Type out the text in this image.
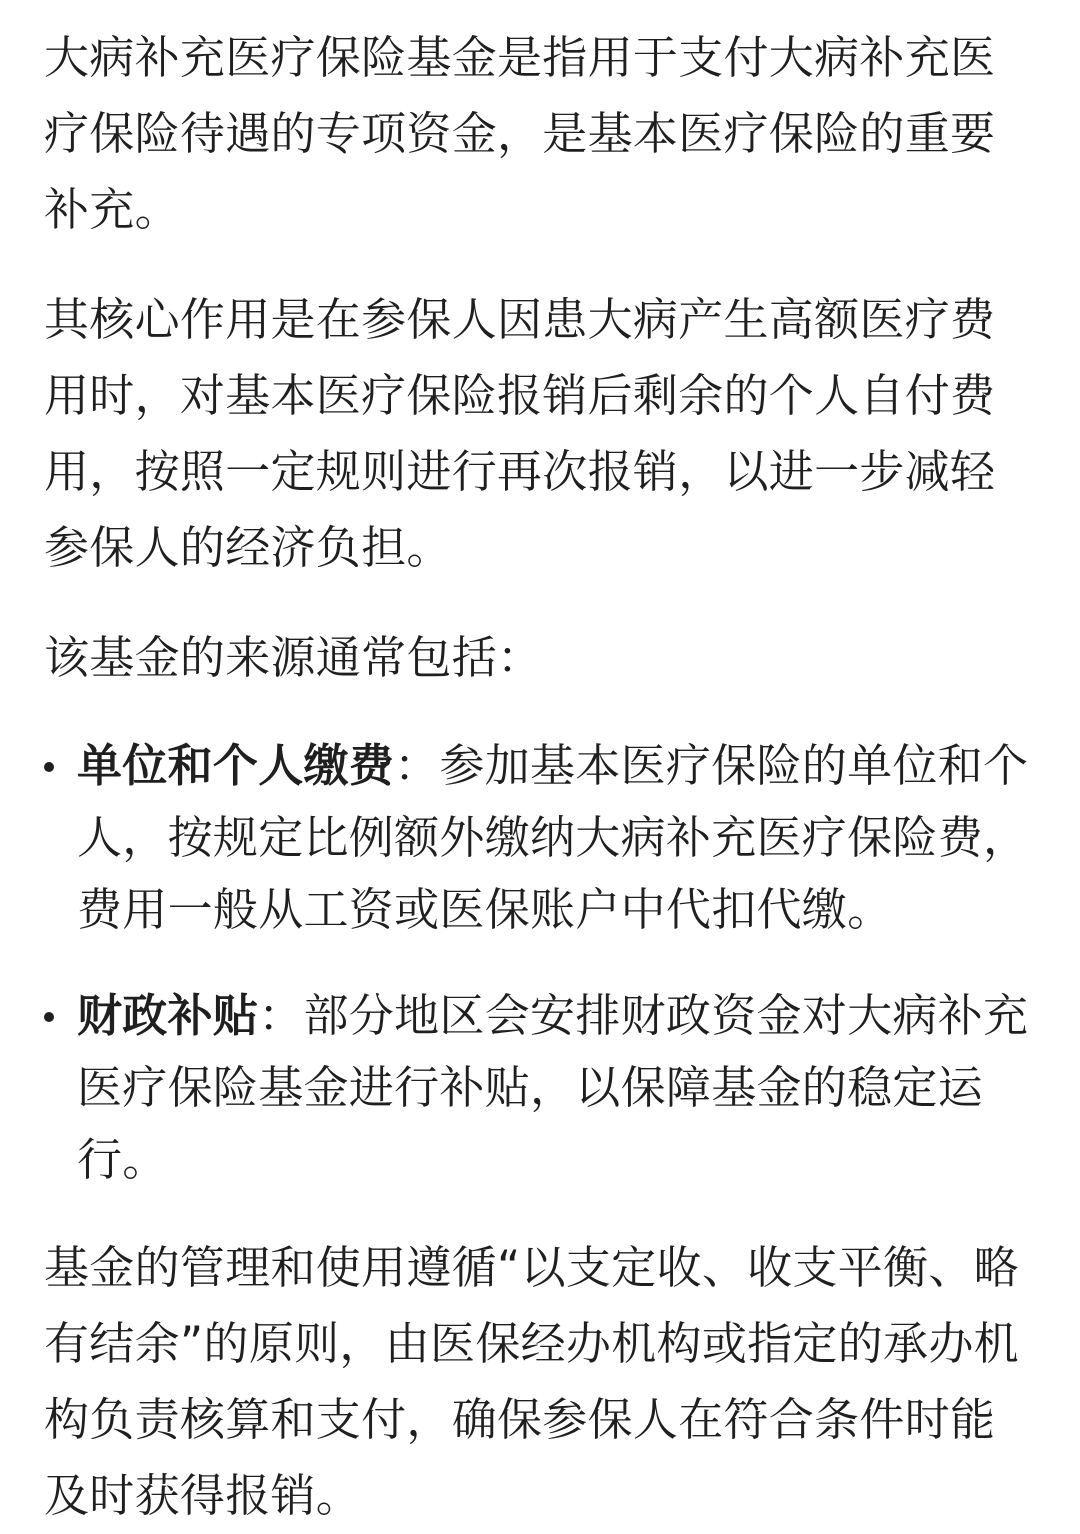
大病补充医疗保险基金是指用于支付大病补充医疗保险待遇的专项资金，是基本医疗保险的重要补充。

其核心作用是在参保人因患大病产生高额医疗费用时，对基本医疗保险报销后剩余的个人自付费用，按照一定规则进行再次报销，以进一步减轻参保人的经济负担。

该基金的来源通常包括：

单位和个人缴费：参加基本医疗保险的单位和个人，按规定比例额外缴纳大病补充医疗保险费，费用一般从工资或医保账户中代扣代缴。
财政补贴：部分地区会安排财政资金对大病补充医疗保险基金进行补贴，以保障基金的稳定运行。

基金的管理和使用遵循“以支定收、收支平衡、略有结余”的原则，由医保经办机构或指定的承办机构负责核算和支付，确保参保人在符合条件时能及时获得报销。
